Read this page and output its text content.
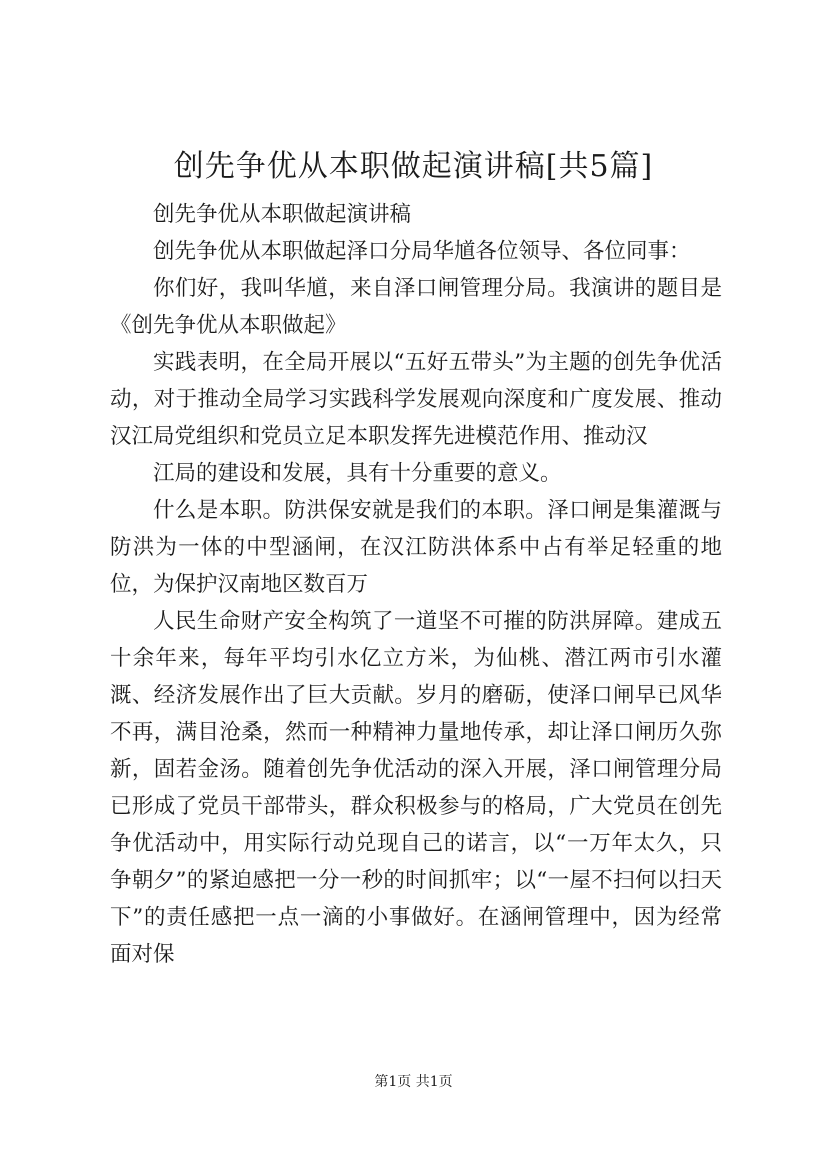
创先争优从本职做起演讲稿[共5篇]

创先争优从本职做起演讲稿

创先争优从本职做起泽口分局华馗各位领导、各位同事：

你们好，我叫华馗，来自泽口闸管理分局。我演讲的题目是《创先争优从本职做起》

实践表明，在全局开展以“五好五带头”为主题的创先争优活动，对于推动全局学习实践科学发展观向深度和广度发展、推动汉江局党组织和党员立足本职发挥先进模范作用、推动汉

江局的建设和发展，具有十分重要的意义。

什么是本职。防洪保安就是我们的本职。泽口闸是集灌溉与防洪为一体的中型涵闸，在汉江防洪体系中占有举足轻重的地位，为保护汉南地区数百万

人民生命财产安全构筑了一道坚不可摧的防洪屏障。建成五十余年来，每年平均引水亿立方米，为仙桃、潜江两市引水灌溉、经济发展作出了巨大贡献。岁月的磨砺，使泽口闸早已风华不再，满目沧桑，然而一种精神力量地传承，却让泽口闸历久弥新，固若金汤。随着创先争优活动的深入开展，泽口闸管理分局已形成了党员干部带头，群众积极参与的格局，广大党员在创先争优活动中，用实际行动兑现自己的诺言，以“一万年太久，只争朝夕”的紧迫感把一分一秒的时间抓牢；以“一屋不扫何以扫天下”的责任感把一点一滴的小事做好。在涵闸管理中，因为经常面对保

第1页 共1页
